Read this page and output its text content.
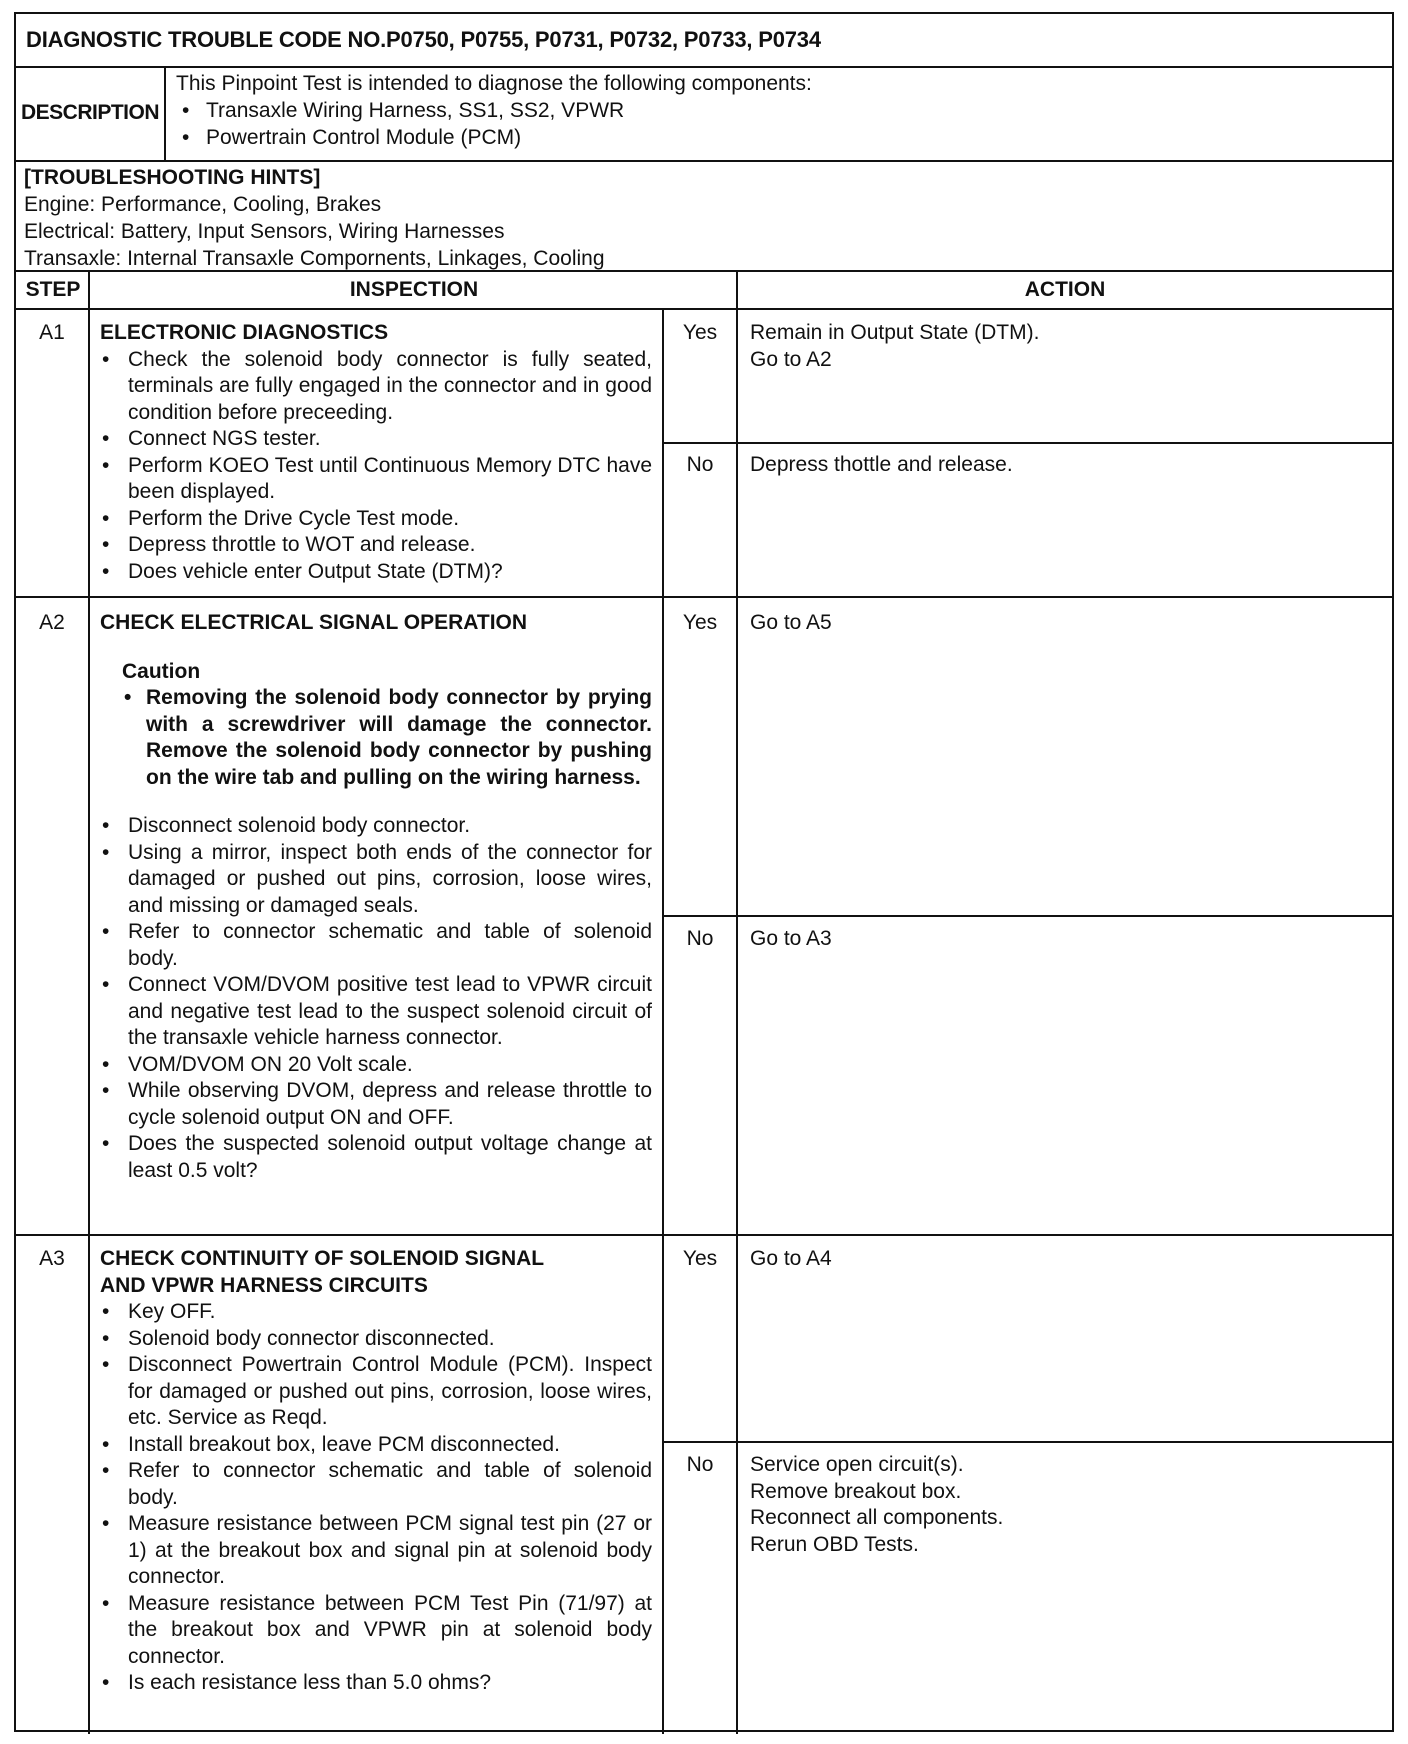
DIAGNOSTIC TROUBLE CODE NO.P0750, P0755, P0731, P0732, P0733, P0734
DESCRIPTION
This Pinpoint Test is intended to diagnose the following components:
• Transaxle Wiring Harness, SS1, SS2, VPWR
• Powertrain Control Module (PCM)
[TROUBLESHOOTING HINTS]
Engine: Performance, Cooling, Brakes
Electrical: Battery, Input Sensors, Wiring Harnesses
Transaxle: Internal Transaxle Compornents, Linkages, Cooling
STEP	INSPECTION	ACTION
A1	ELECTRONIC DIAGNOSTICS
• Check the solenoid body connector is fully seated, terminals are fully engaged in the connector and in good condition before preceeding.
• Connect NGS tester.
• Perform KOEO Test until Continuous Memory DTC have been displayed.
• Perform the Drive Cycle Test mode.
• Depress throttle to WOT and release.
• Does vehicle enter Output State (DTM)?
Yes	Remain in Output State (DTM).
Go to A2
No	Depress thottle and release.
A2	CHECK ELECTRICAL SIGNAL OPERATION
Caution
• Removing the solenoid body connector by prying with a screwdriver will damage the connector. Remove the solenoid body connector by pushing on the wire tab and pulling on the wiring harness.
• Disconnect solenoid body connector.
• Using a mirror, inspect both ends of the connector for damaged or pushed out pins, corrosion, loose wires, and missing or damaged seals.
• Refer to connector schematic and table of solenoid body.
• Connect VOM/DVOM positive test lead to VPWR circuit and negative test lead to the suspect solenoid circuit of the transaxle vehicle harness connector.
• VOM/DVOM ON 20 Volt scale.
• While observing DVOM, depress and release throttle to cycle solenoid output ON and OFF.
• Does the suspected solenoid output voltage change at least 0.5 volt?
Yes	Go to A5
No	Go to A3
A3	CHECK CONTINUITY OF SOLENOID SIGNAL
AND VPWR HARNESS CIRCUITS
• Key OFF.
• Solenoid body connector disconnected.
• Disconnect Powertrain Control Module (PCM). Inspect for damaged or pushed out pins, corrosion, loose wires, etc. Service as Reqd.
• Install breakout box, leave PCM disconnected.
• Refer to connector schematic and table of solenoid body.
• Measure resistance between PCM signal test pin (27 or 1) at the breakout box and signal pin at solenoid body connector.
• Measure resistance between PCM Test Pin (71/97) at the breakout box and VPWR pin at solenoid body connector.
• Is each resistance less than 5.0 ohms?
Yes	Go to A4
No	Service open circuit(s).
Remove breakout box.
Reconnect all components.
Rerun OBD Tests.
